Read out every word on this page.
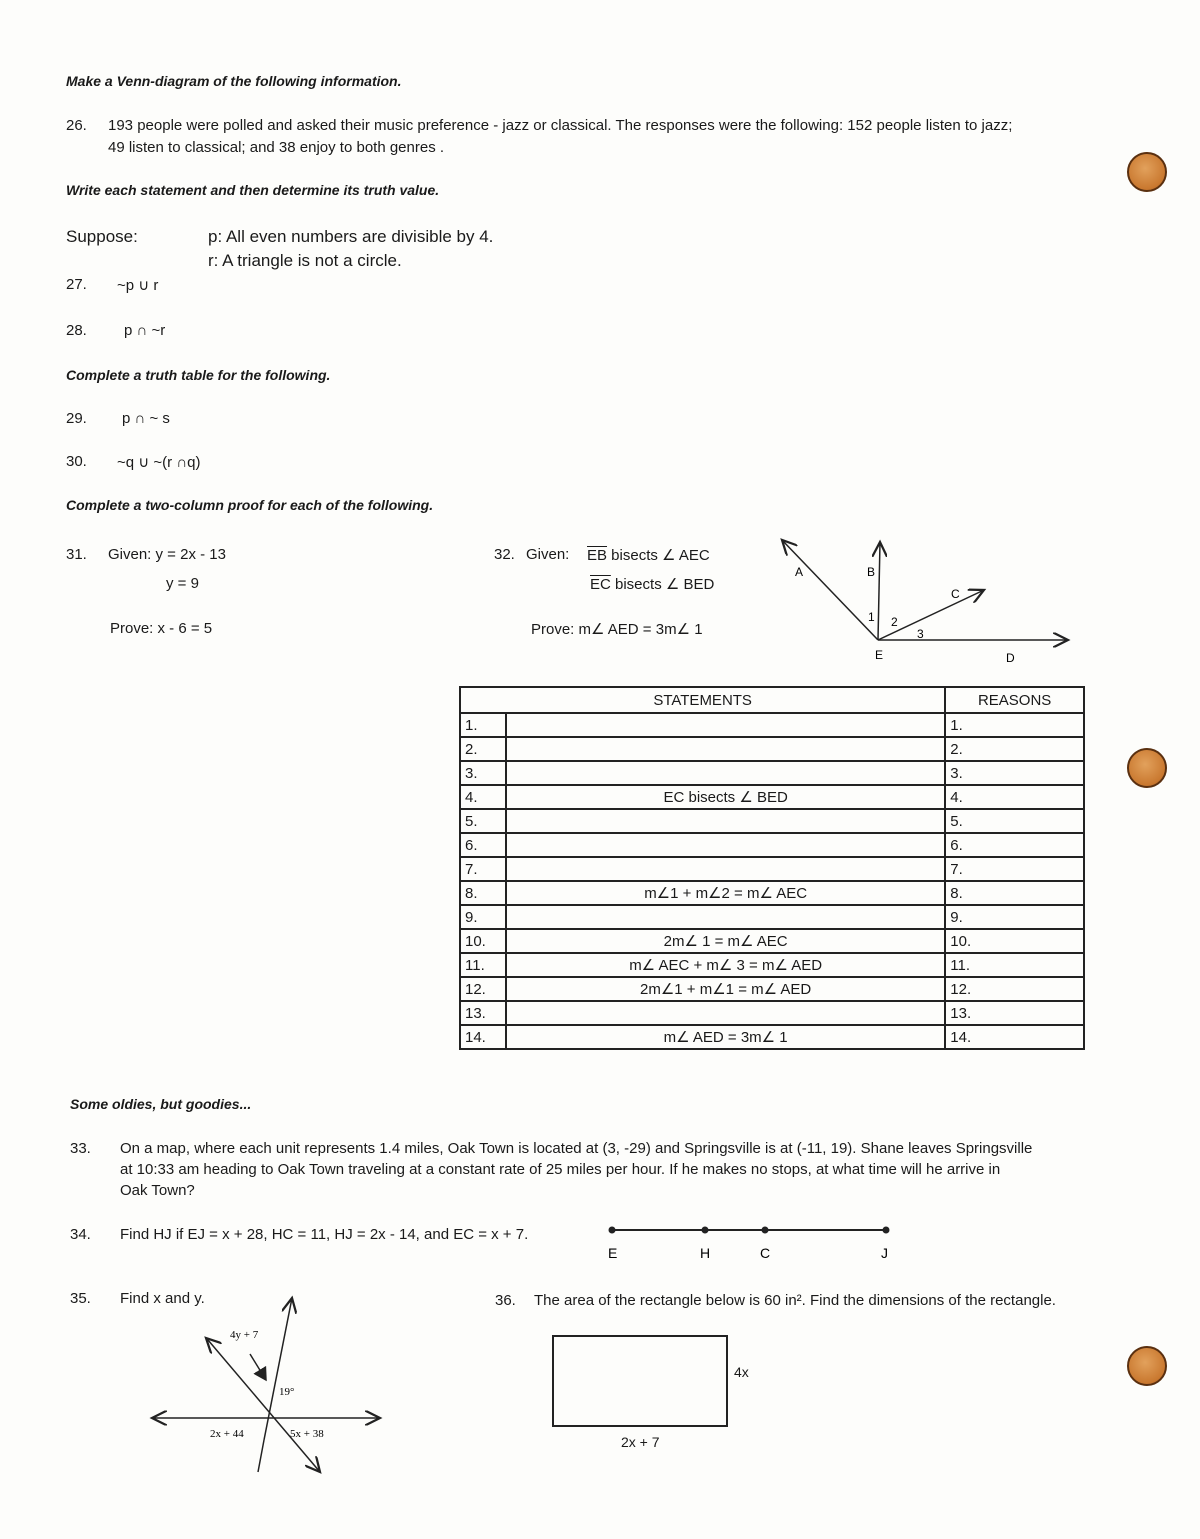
Make a Venn-diagram of the following information.
26. 193 people were polled and asked their music preference - jazz or classical. The responses were the following: 152 people listen to jazz;
49 listen to classical; and 38 enjoy to both genres .
Write each statement and then determine its truth value.
Suppose:	p: All even numbers are divisible by 4.
r: A triangle is not a circle.
27. ~p ∪ r
28. p ∩ ~r
Complete a truth table for the following.
29. p ∩ ~ s
30. ~q ∪ ~(r ∩q)
Complete a two-column proof for each of the following.
31. Given: y = 2x - 13
y = 9
Prove: x - 6 = 5
32. Given: $\overline{EB}$ bisects ∠ AEC
$\overline{EC}$ bisects ∠ BED
Prove: m∠ AED = 3m∠ 1
A	B
C
D
E
1 2
3
STATEMENTS		REASONS
1.		1.
2.		2.
3.		3.
4.	EC bisects ∠ BED	4.
5.		5.
6.		6.
7.		7.
8.	m∠1 + m∠2 = m∠ AEC	8.
9.		9.
10.	2m∠ 1 = m∠ AEC	10.
11.	m∠ AEC + m∠ 3 = m∠ AED	11.
12.	2m∠1 + m∠1 = m∠ AED	12.
13.		13.
14.	m∠ AED = 3m∠ 1	14.
Some oldies, but goodies...
33. On a map, where each unit represents 1.4 miles, Oak Town is located at (3, -29) and Springsville is at (-11, 19). Shane leaves Springsville
at 10:33 am heading to Oak Town traveling at a constant rate of 25 miles per hour. If he makes no stops, at what time will he arrive in
Oak Town?
34. Find HJ if EJ = x + 28, HC = 11, HJ = 2x - 14, and EC = x + 7.
E	H	C	J
35. Find x and y.
4y + 7
19°
2x + 44	5x + 38
36. The area of the rectangle below is 60 in². Find the dimensions of the rectangle.
4x
2x + 7
